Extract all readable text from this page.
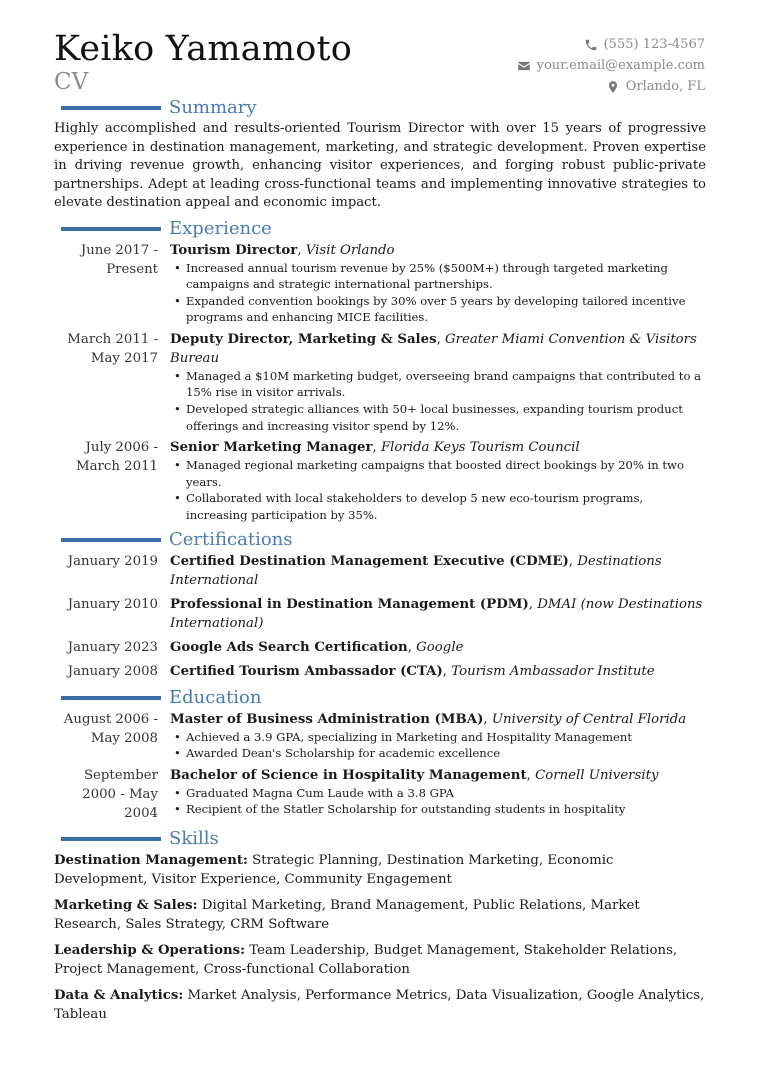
Keiko Yamamoto
CV
(555) 123-4567
your.email@example.com
Orlando, FL
Summary

Highly accomplished and results-oriented Tourism Director with over 15 years of progressive experience in destination management, marketing, and strategic development. Proven expertise in driving revenue growth, enhancing visitor experiences, and forging robust public-private partnerships. Adept at leading cross-functional teams and implementing innovative strategies to elevate destination appeal and economic impact.

Experience
June 2017 - Present
Tourism Director, Visit Orlando
• Increased annual tourism revenue by 25% ($500M+) through targeted marketing campaigns and strategic international partnerships.
• Expanded convention bookings by 30% over 5 years by developing tailored incentive programs and enhancing MICE facilities.
March 2011 - May 2017
Deputy Director, Marketing & Sales, Greater Miami Convention & Visitors Bureau
• Managed a $10M marketing budget, overseeing brand campaigns that contributed to a 15% rise in visitor arrivals.
• Developed strategic alliances with 50+ local businesses, expanding tourism product offerings and increasing visitor spend by 12%.
July 2006 - March 2011
Senior Marketing Manager, Florida Keys Tourism Council
• Managed regional marketing campaigns that boosted direct bookings by 20% in two years.
• Collaborated with local stakeholders to develop 5 new eco-tourism programs, increasing participation by 35%.
Certifications
January 2019 Certified Destination Management Executive (CDME), Destinations International
January 2010 Professional in Destination Management (PDM), DMAI (now Destinations International)
January 2023 Google Ads Search Certification, Google
January 2008 Certified Tourism Ambassador (CTA), Tourism Ambassador Institute
Education
August 2006 - May 2008
Master of Business Administration (MBA), University of Central Florida
• Achieved a 3.9 GPA, specializing in Marketing and Hospitality Management
• Awarded Dean's Scholarship for academic excellence
September 2000 - May 2004
Bachelor of Science in Hospitality Management, Cornell University
• Graduated Magna Cum Laude with a 3.8 GPA
• Recipient of the Statler Scholarship for outstanding students in hospitality
Skills
Destination Management: Strategic Planning, Destination Marketing, Economic Development, Visitor Experience, Community Engagement
Marketing & Sales: Digital Marketing, Brand Management, Public Relations, Market Research, Sales Strategy, CRM Software
Leadership & Operations: Team Leadership, Budget Management, Stakeholder Relations, Project Management, Cross-functional Collaboration
Data & Analytics: Market Analysis, Performance Metrics, Data Visualization, Google Analytics, Tableau
